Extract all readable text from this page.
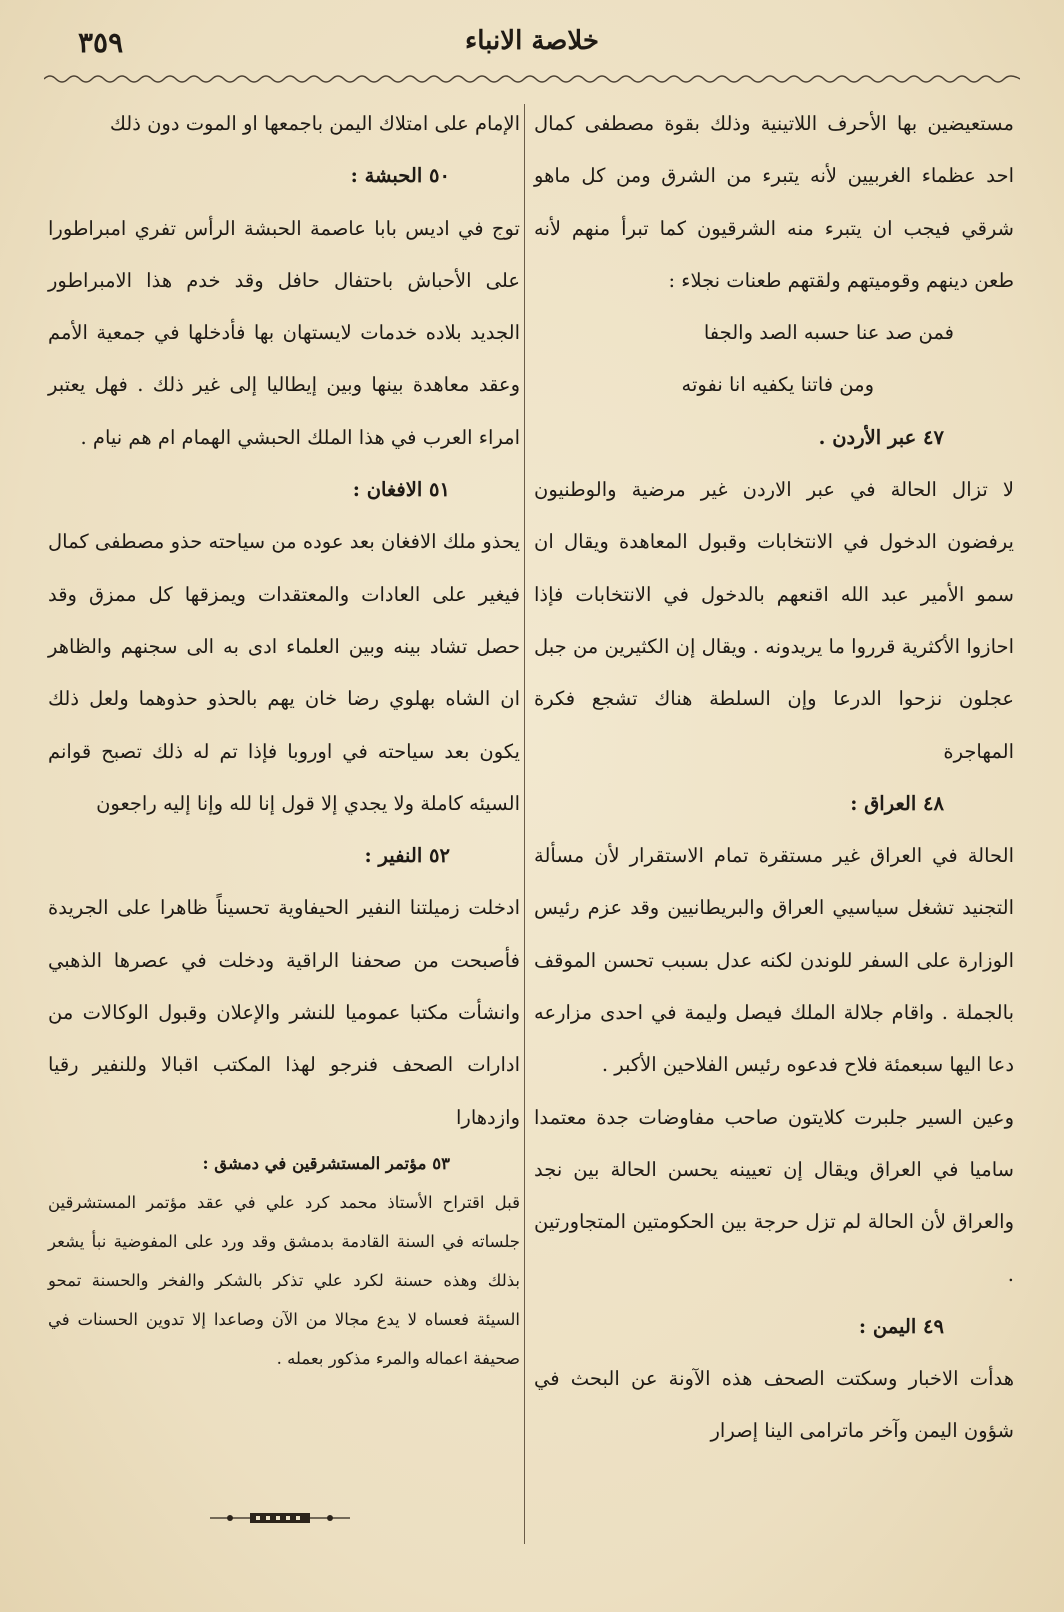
خلاصة الانباء
٣٥٩

مستعيضين بها الأحرف اللاتينية وذلك بقوة مصطفى كمال احد عظماء الغربيين لأنه يتبرء من الشرق ومن كل ماهو شرقي فيجب ان يتبرء منه الشرقيون كما تبرأ منهم لأنه طعن دينهم وقوميتهم ولقتهم طعنات نجلاء :

فمن صد عنا حسبه الصد والجفا

ومن فاتنا يكفيه انا نفوته

٤٧ عبر الأردن .

لا تزال الحالة في عبر الاردن غير مرضية والوطنيون يرفضون الدخول في الانتخابات وقبول المعاهدة ويقال ان سمو الأمير عبد الله اقنعهم بالدخول في الانتخابات فإذا احازوا الأكثرية قرروا ما يريدونه . ويقال إن الكثيرين من جبل عجلون نزحوا الدرعا وإن السلطة هناك تشجع فكرة المهاجرة

٤٨ العراق :

الحالة في العراق غير مستقرة تمام الاستقرار لأن مسألة التجنيد تشغل سياسيي العراق والبريطانيين وقد عزم رئيس الوزارة على السفر للوندن لكنه عدل بسبب تحسن الموقف بالجملة . واقام جلالة الملك فيصل وليمة في احدى مزارعه دعا اليها سبعمئة فلاح فدعوه رئيس الفلاحين الأكبر .

وعين السير جلبرت كلايتون صاحب مفاوضات جدة معتمدا ساميا في العراق ويقال إن تعيينه يحسن الحالة بين نجد والعراق لأن الحالة لم تزل حرجة بين الحكومتين المتجاورتين .

٤٩ اليمن :

هدأت الاخبار وسكتت الصحف هذه الآونة عن البحث في شؤون اليمن وآخر ماترامى الينا إصرار

الإمام على امتلاك اليمن باجمعها او الموت دون ذلك

٥٠ الحبشة :

توج في اديس بابا عاصمة الحبشة الرأس تفري امبراطورا على الأحباش باحتفال حافل وقد خدم هذا الامبراطور الجديد بلاده خدمات لايستهان بها فأدخلها في جمعية الأمم وعقد معاهدة بينها وبين إيطاليا إلى غير ذلك . فهل يعتبر امراء العرب في هذا الملك الحبشي الهمام ام هم نيام .

٥١ الافغان :

يحذو ملك الافغان بعد عوده من سياحته حذو مصطفى كمال فيغير على العادات والمعتقدات ويمزقها كل ممزق وقد حصل تشاد بينه وبين العلماء ادى به الى سجنهم والظاهر ان الشاه بهلوي رضا خان يهم بالحذو حذوهما ولعل ذلك يكون بعد سياحته في اوروبا فإذا تم له ذلك تصبح قوانم السيئه كاملة ولا يجدي إلا قول إنا لله وإنا إليه راجعون

٥٢ النفير :

ادخلت زميلتنا النفير الحيفاوية تحسيناً ظاهرا على الجريدة فأصبحت من صحفنا الراقية ودخلت في عصرها الذهبي وانشأت مكتبا عموميا للنشر والإعلان وقبول الوكالات من ادارات الصحف فنرجو لهذا المكتب اقبالا وللنفير رقيا وازدهارا

٥٣ مؤتمر المستشرقين في دمشق :

قبل اقتراح الأستاذ محمد كرد علي في عقد مؤتمر المستشرقين جلساته في السنة القادمة بدمشق وقد ورد على المفوضية نبأ يشعر بذلك وهذه حسنة لكرد علي تذكر بالشكر والفخر والحسنة تمحو السيئة فعساه لا يدع مجالا من الآن وصاعدا إلا تدوين الحسنات في صحيفة اعماله والمرء مذكور بعمله .
